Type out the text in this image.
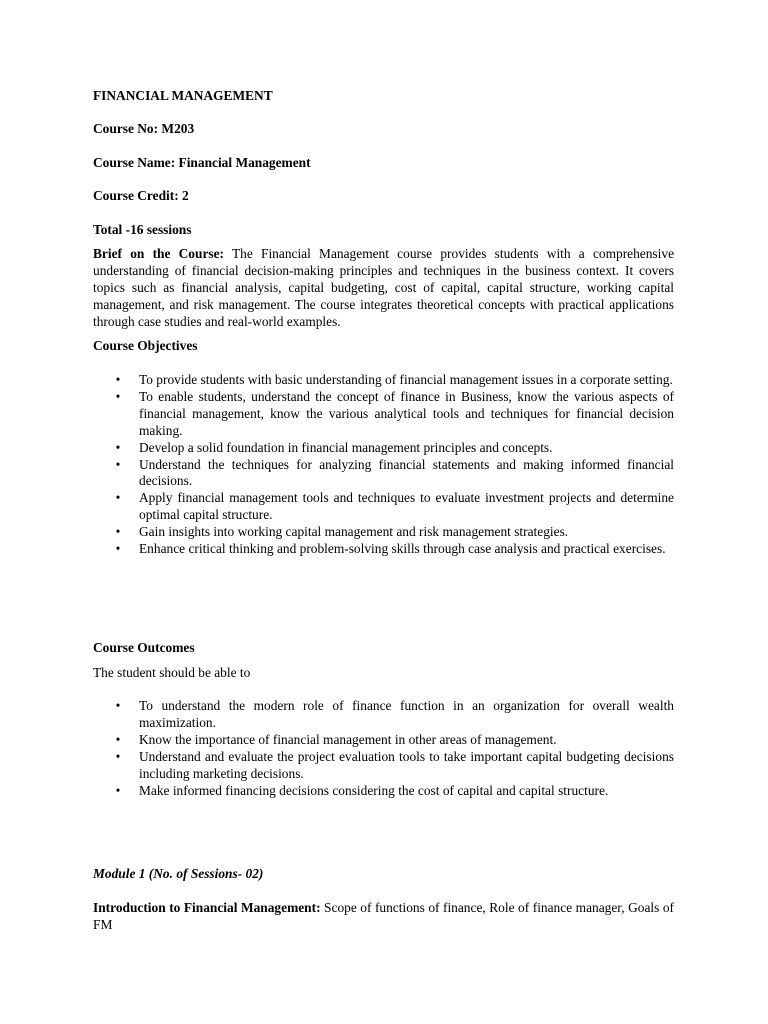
FINANCIAL MANAGEMENT
Course No: M203
Course Name: Financial Management
Course Credit: 2
Total -16 sessions

Brief on the Course: The Financial Management course provides students with a comprehensive understanding of financial decision-making principles and techniques in the business context. It covers topics such as financial analysis, capital budgeting, cost of capital, capital structure, working capital management, and risk management. The course integrates theoretical concepts with practical applications through case studies and real-world examples.

Course Objectives
• To provide students with basic understanding of financial management issues in a corporate setting.
• To enable students, understand the concept of finance in Business, know the various aspects of financial management, know the various analytical tools and techniques for financial decision making.
• Develop a solid foundation in financial management principles and concepts.
• Understand the techniques for analyzing financial statements and making informed financial decisions.
• Apply financial management tools and techniques to evaluate investment projects and determine optimal capital structure.
• Gain insights into working capital management and risk management strategies.
• Enhance critical thinking and problem-solving skills through case analysis and practical exercises.
Course Outcomes
The student should be able to
• To understand the modern role of finance function in an organization for overall wealth maximization.
• Know the importance of financial management in other areas of management.
• Understand and evaluate the project evaluation tools to take important capital budgeting decisions including marketing decisions.
• Make informed financing decisions considering the cost of capital and capital structure.
Module 1 (No. of Sessions- 02)

Introduction to Financial Management: Scope of functions of finance, Role of finance manager, Goals of FM
